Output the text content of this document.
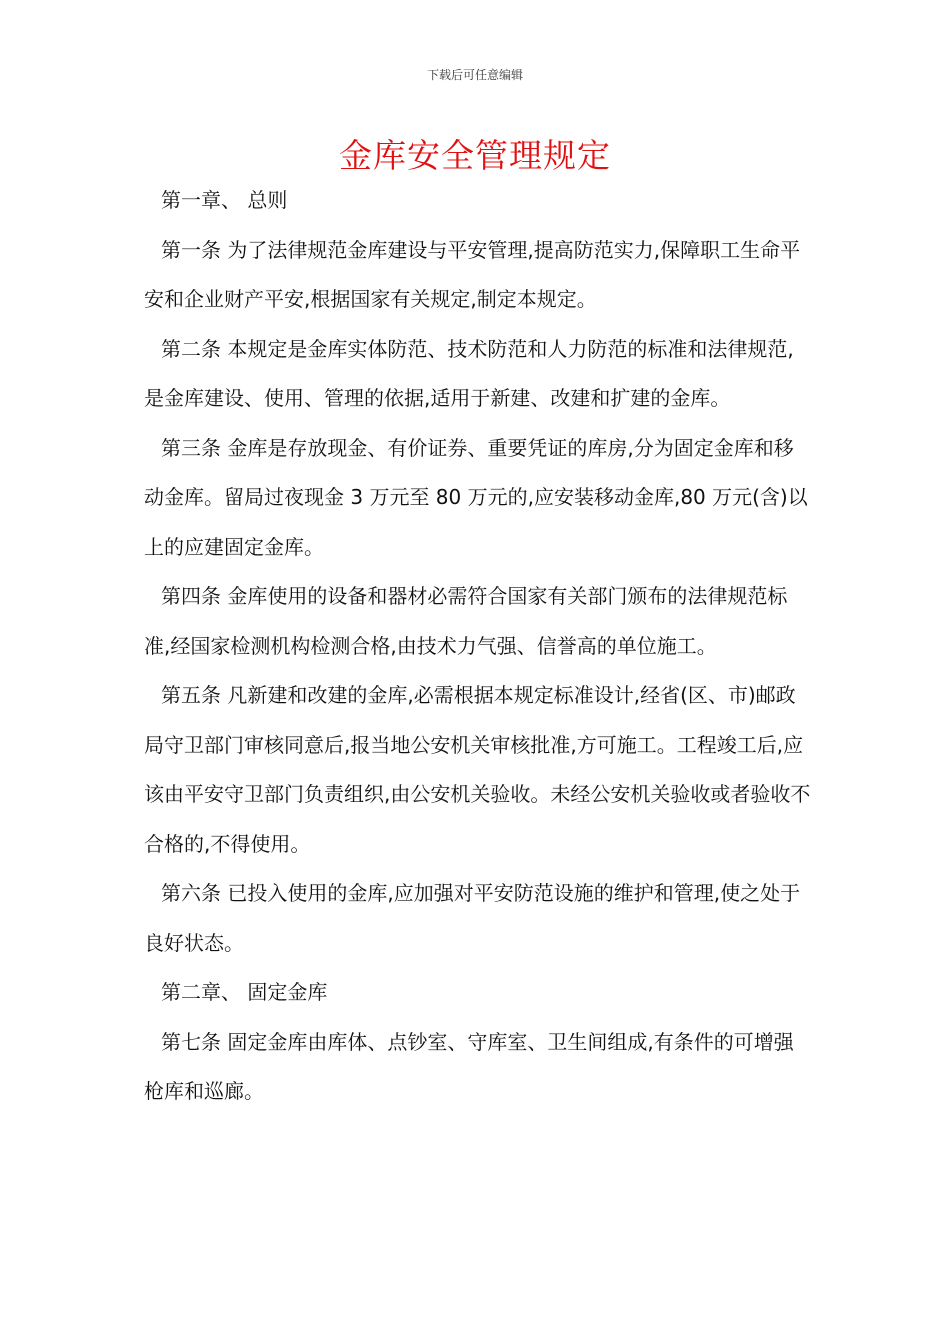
下载后可任意编辑
金库安全管理规定

第一章、 总则

第一条 为了法律规范金库建设与平安管理,提高防范实力,保障职工生命平安和企业财产平安,根据国家有关规定,制定本规定。

第二条 本规定是金库实体防范、技术防范和人力防范的标准和法律规范,是金库建设、使用、管理的依据,适用于新建、改建和扩建的金库。

第三条 金库是存放现金、有价证券、重要凭证的库房,分为固定金库和移动金库。留局过夜现金 3 万元至 80 万元的,应安装移动金库,80 万元(含)以上的应建固定金库。

第四条 金库使用的设备和器材必需符合国家有关部门颁布的法律规范标准,经国家检测机构检测合格,由技术力气强、信誉高的单位施工。

第五条 凡新建和改建的金库,必需根据本规定标准设计,经省(区、市)邮政局守卫部门审核同意后,报当地公安机关审核批准,方可施工。工程竣工后,应该由平安守卫部门负责组织,由公安机关验收。未经公安机关验收或者验收不合格的,不得使用。

第六条 已投入使用的金库,应加强对平安防范设施的维护和管理,使之处于良好状态。

第二章、 固定金库

第七条 固定金库由库体、点钞室、守库室、卫生间组成,有条件的可增强枪库和巡廊。
